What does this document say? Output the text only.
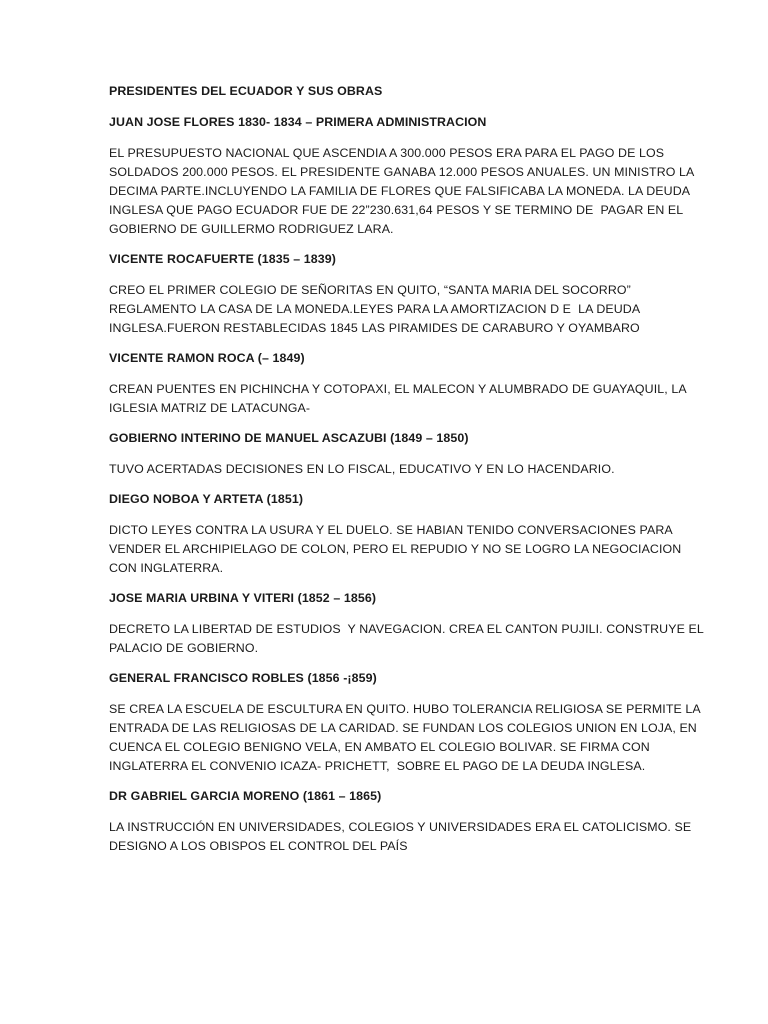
PRESIDENTES DEL ECUADOR Y SUS OBRAS
JUAN JOSE FLORES 1830- 1834 – PRIMERA ADMINISTRACION
EL PRESUPUESTO NACIONAL QUE ASCENDIA A 300.000 PESOS ERA PARA EL PAGO DE LOS
SOLDADOS 200.000 PESOS. EL PRESIDENTE GANABA 12.000 PESOS ANUALES. UN MINISTRO LA
DECIMA PARTE.INCLUYENDO LA FAMILIA DE FLORES QUE FALSIFICABA LA MONEDA. LA DEUDA
INGLESA QUE PAGO ECUADOR FUE DE 22”230.631,64 PESOS Y SE TERMINO DE  PAGAR EN EL
GOBIERNO DE GUILLERMO RODRIGUEZ LARA.
VICENTE ROCAFUERTE (1835 – 1839)
CREO EL PRIMER COLEGIO DE SEÑORITAS EN QUITO, “SANTA MARIA DEL SOCORRO”
REGLAMENTO LA CASA DE LA MONEDA.LEYES PARA LA AMORTIZACION D E  LA DEUDA
INGLESA.FUERON RESTABLECIDAS 1845 LAS PIRAMIDES DE CARABURO Y OYAMBARO
VICENTE RAMON ROCA (– 1849)
CREAN PUENTES EN PICHINCHA Y COTOPAXI, EL MALECON Y ALUMBRADO DE GUAYAQUIL, LA
IGLESIA MATRIZ DE LATACUNGA-
GOBIERNO INTERINO DE MANUEL ASCAZUBI (1849 – 1850)
TUVO ACERTADAS DECISIONES EN LO FISCAL, EDUCATIVO Y EN LO HACENDARIO.
DIEGO NOBOA Y ARTETA (1851)
DICTO LEYES CONTRA LA USURA Y EL DUELO. SE HABIAN TENIDO CONVERSACIONES PARA
VENDER EL ARCHIPIELAGO DE COLON, PERO EL REPUDIO Y NO SE LOGRO LA NEGOCIACION
CON INGLATERRA.
JOSE MARIA URBINA Y VITERI (1852 – 1856)
DECRETO LA LIBERTAD DE ESTUDIOS  Y NAVEGACION. CREA EL CANTON PUJILI. CONSTRUYE EL
PALACIO DE GOBIERNO.
GENERAL FRANCISCO ROBLES (1856 -¡859)
SE CREA LA ESCUELA DE ESCULTURA EN QUITO. HUBO TOLERANCIA RELIGIOSA SE PERMITE LA
ENTRADA DE LAS RELIGIOSAS DE LA CARIDAD. SE FUNDAN LOS COLEGIOS UNION EN LOJA, EN
CUENCA EL COLEGIO BENIGNO VELA, EN AMBATO EL COLEGIO BOLIVAR. SE FIRMA CON
INGLATERRA EL CONVENIO ICAZA- PRICHETT,  SOBRE EL PAGO DE LA DEUDA INGLESA.
DR GABRIEL GARCIA MORENO (1861 – 1865)
LA INSTRUCCIÓN EN UNIVERSIDADES, COLEGIOS Y UNIVERSIDADES ERA EL CATOLICISMO. SE
DESIGNO A LOS OBISPOS EL CONTROL DEL PAÍS
